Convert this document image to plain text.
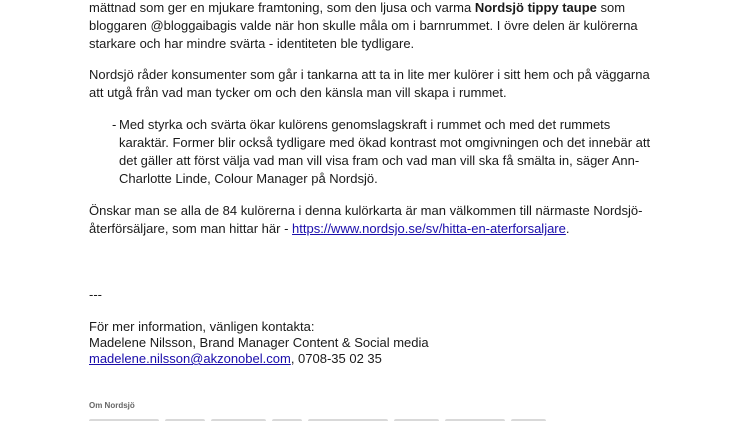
mättnad som ger en mjukare framtoning, som den ljusa och varma Nordsjö tippy taupe som
bloggaren @bloggaibagis valde när hon skulle måla om i barnrummet. I övre delen är kulörerna
starkare och har mindre svärta - identiteten ble tydligare.
Nordsjö råder konsumenter som går i tankarna att ta in lite mer kulörer i sitt hem och på väggarna
att utgå från vad man tycker om och den känsla man vill skapa i rummet.
- Med styrka och svärta ökar kulörens genomslagskraft i rummet och med det rummets
karaktär. Former blir också tydligare med ökad kontrast mot omgivningen och det innebär att
det gäller att först välja vad man vill visa fram och vad man vill ska få smälta in, säger Ann-
Charlotte Linde, Colour Manager på Nordsjö.
Önskar man se alla de 84 kulörerna i denna kulörkarta är man välkommen till närmaste Nordsjö-
återförsäljare, som man hittar här - https://www.nordsjo.se/sv/hitta-en-aterforsaljare.
---
För mer information, vänligen kontakta:
Madelene Nilsson, Brand Manager Content & Social media
madelene.nilsson@akzonobel.com, 0708-35 02 35
Om Nordsjö
